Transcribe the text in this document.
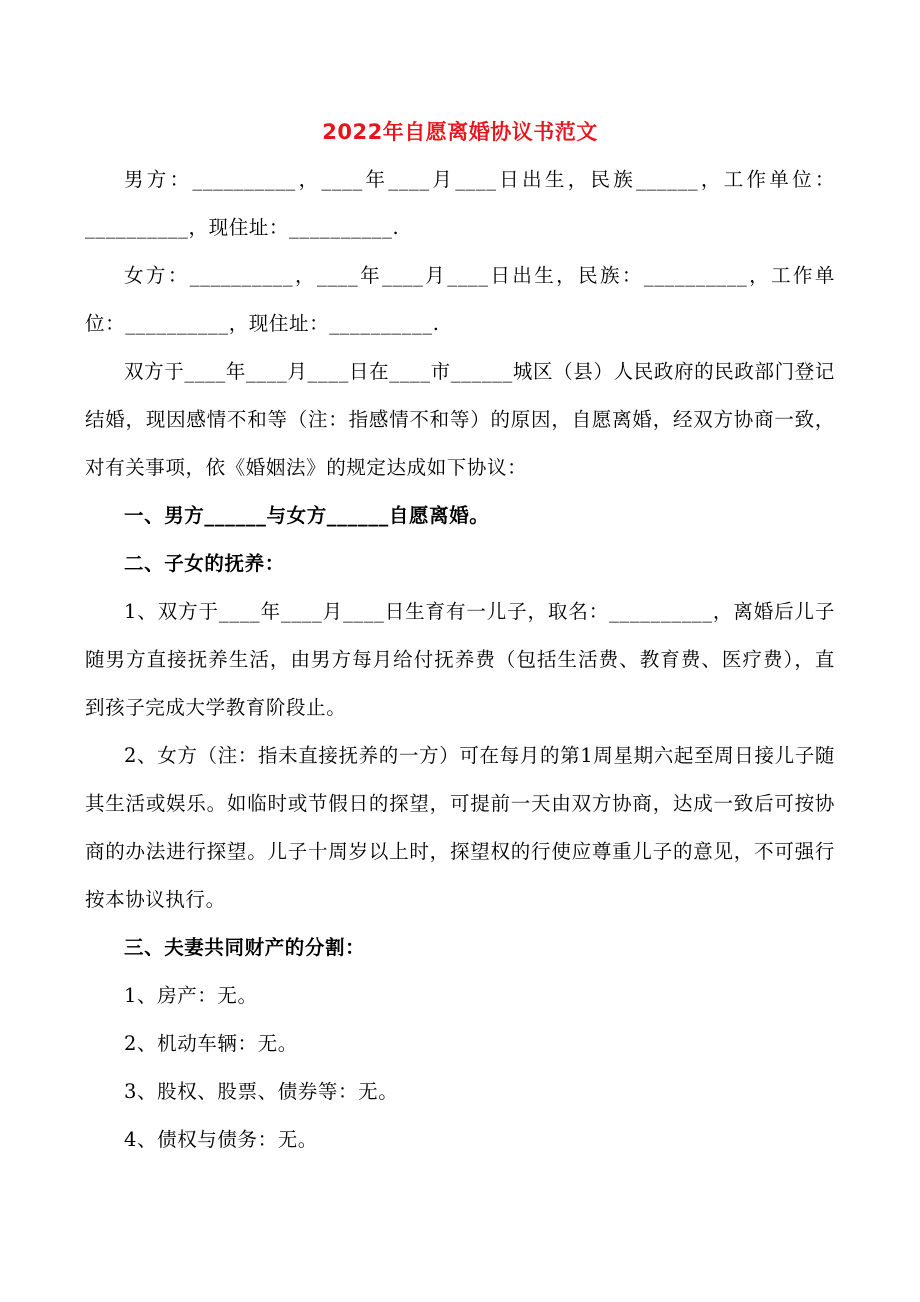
2022年自愿离婚协议书范文

男方：__________，____年____月____日出生，民族______，工作单位：__________，现住址：__________.

女方：__________，____年____月____日出生，民族：__________，工作单位：__________，现住址：__________.

双方于____年____月____日在____市______城区（县）人民政府的民政部门登记结婚，现因感情不和等（注：指感情不和等）的原因，自愿离婚，经双方协商一致，对有关事项，依《婚姻法》的规定达成如下协议：

一、男方______与女方______自愿离婚。

二、子女的抚养：

1、双方于____年____月____日生育有一儿子，取名：__________，离婚后儿子随男方直接抚养生活，由男方每月给付抚养费（包括生活费、教育费、医疗费），直到孩子完成大学教育阶段止。

2、女方（注：指未直接抚养的一方）可在每月的第1周星期六起至周日接儿子随其生活或娱乐。如临时或节假日的探望，可提前一天由双方协商，达成一致后可按协商的办法进行探望。儿子十周岁以上时，探望权的行使应尊重儿子的意见，不可强行按本协议执行。

三、夫妻共同财产的分割：

1、房产：无。

2、机动车辆：无。

3、股权、股票、债券等：无。

4、债权与债务：无。
